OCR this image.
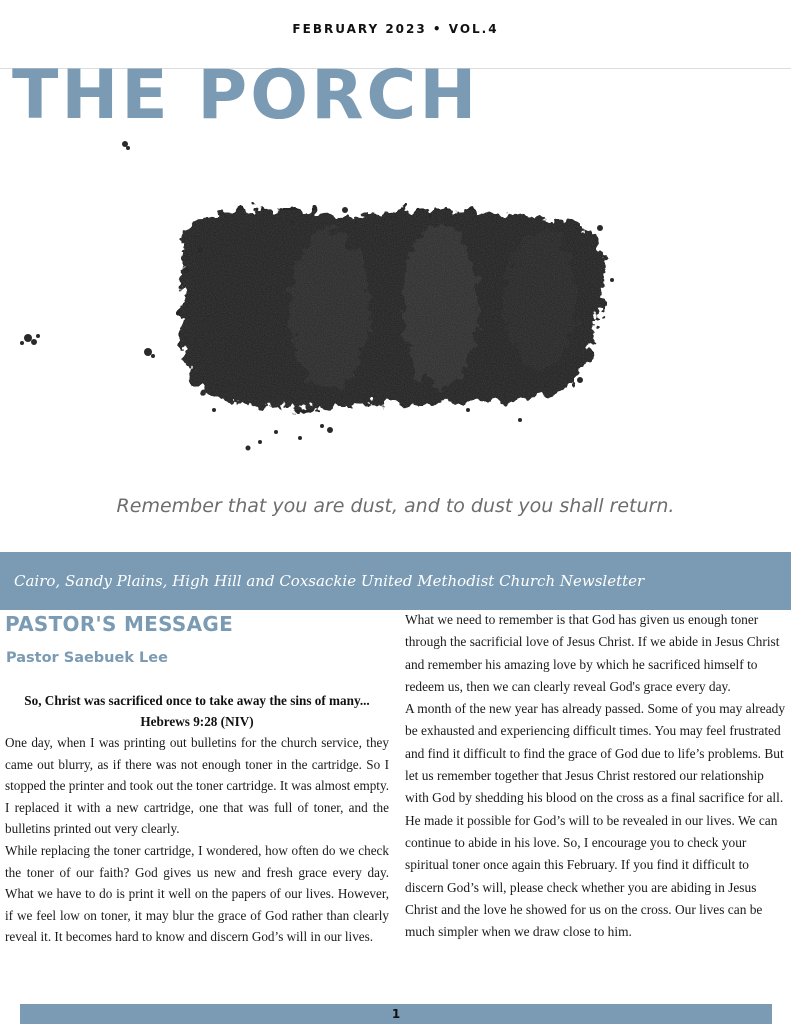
FEBRUARY 2023 • VOL.4
THE PORCH
Remember that you are dust, and to dust you shall return.
Cairo, Sandy Plains, High Hill and Coxsackie United Methodist Church Newsletter
PASTOR'S MESSAGE
Pastor Saebuek Lee
So, Christ was sacrificed once to take away the sins of many...
Hebrews 9:28 (NIV)

One day, when I was printing out bulletins for the church service, they came out blurry, as if there was not enough toner in the cartridge. So I stopped the printer and took out the toner cartridge. It was almost empty. I replaced it with a new cartridge, one that was full of toner, and the bulletins printed out very clearly.

While replacing the toner cartridge, I wondered, how often do we check the toner of our faith? God gives us new and fresh grace every day. What we have to do is print it well on the papers of our lives. However, if we feel low on toner, it may blur the grace of God rather than clearly reveal it. It becomes hard to know and discern God’s will in our lives.

What we need to remember is that God has given us enough toner through the sacrificial love of Jesus Christ. If we abide in Jesus Christ and remember his amazing love by which he sacrificed himself to redeem us, then we can clearly reveal God's grace every day.

A month of the new year has already passed. Some of you may already be exhausted and experiencing difficult times. You may feel frustrated and find it difficult to find the grace of God due to life’s problems. But let us remember together that Jesus Christ restored our relationship with God by shedding his blood on the cross as a final sacrifice for all.

He made it possible for God’s will to be revealed in our lives. We can continue to abide in his love. So, I encourage you to check your spiritual toner once again this February. If you find it difficult to discern God’s will, please check whether you are abiding in Jesus Christ and the love he showed for us on the cross. Our lives can be much simpler when we draw close to him.

1
